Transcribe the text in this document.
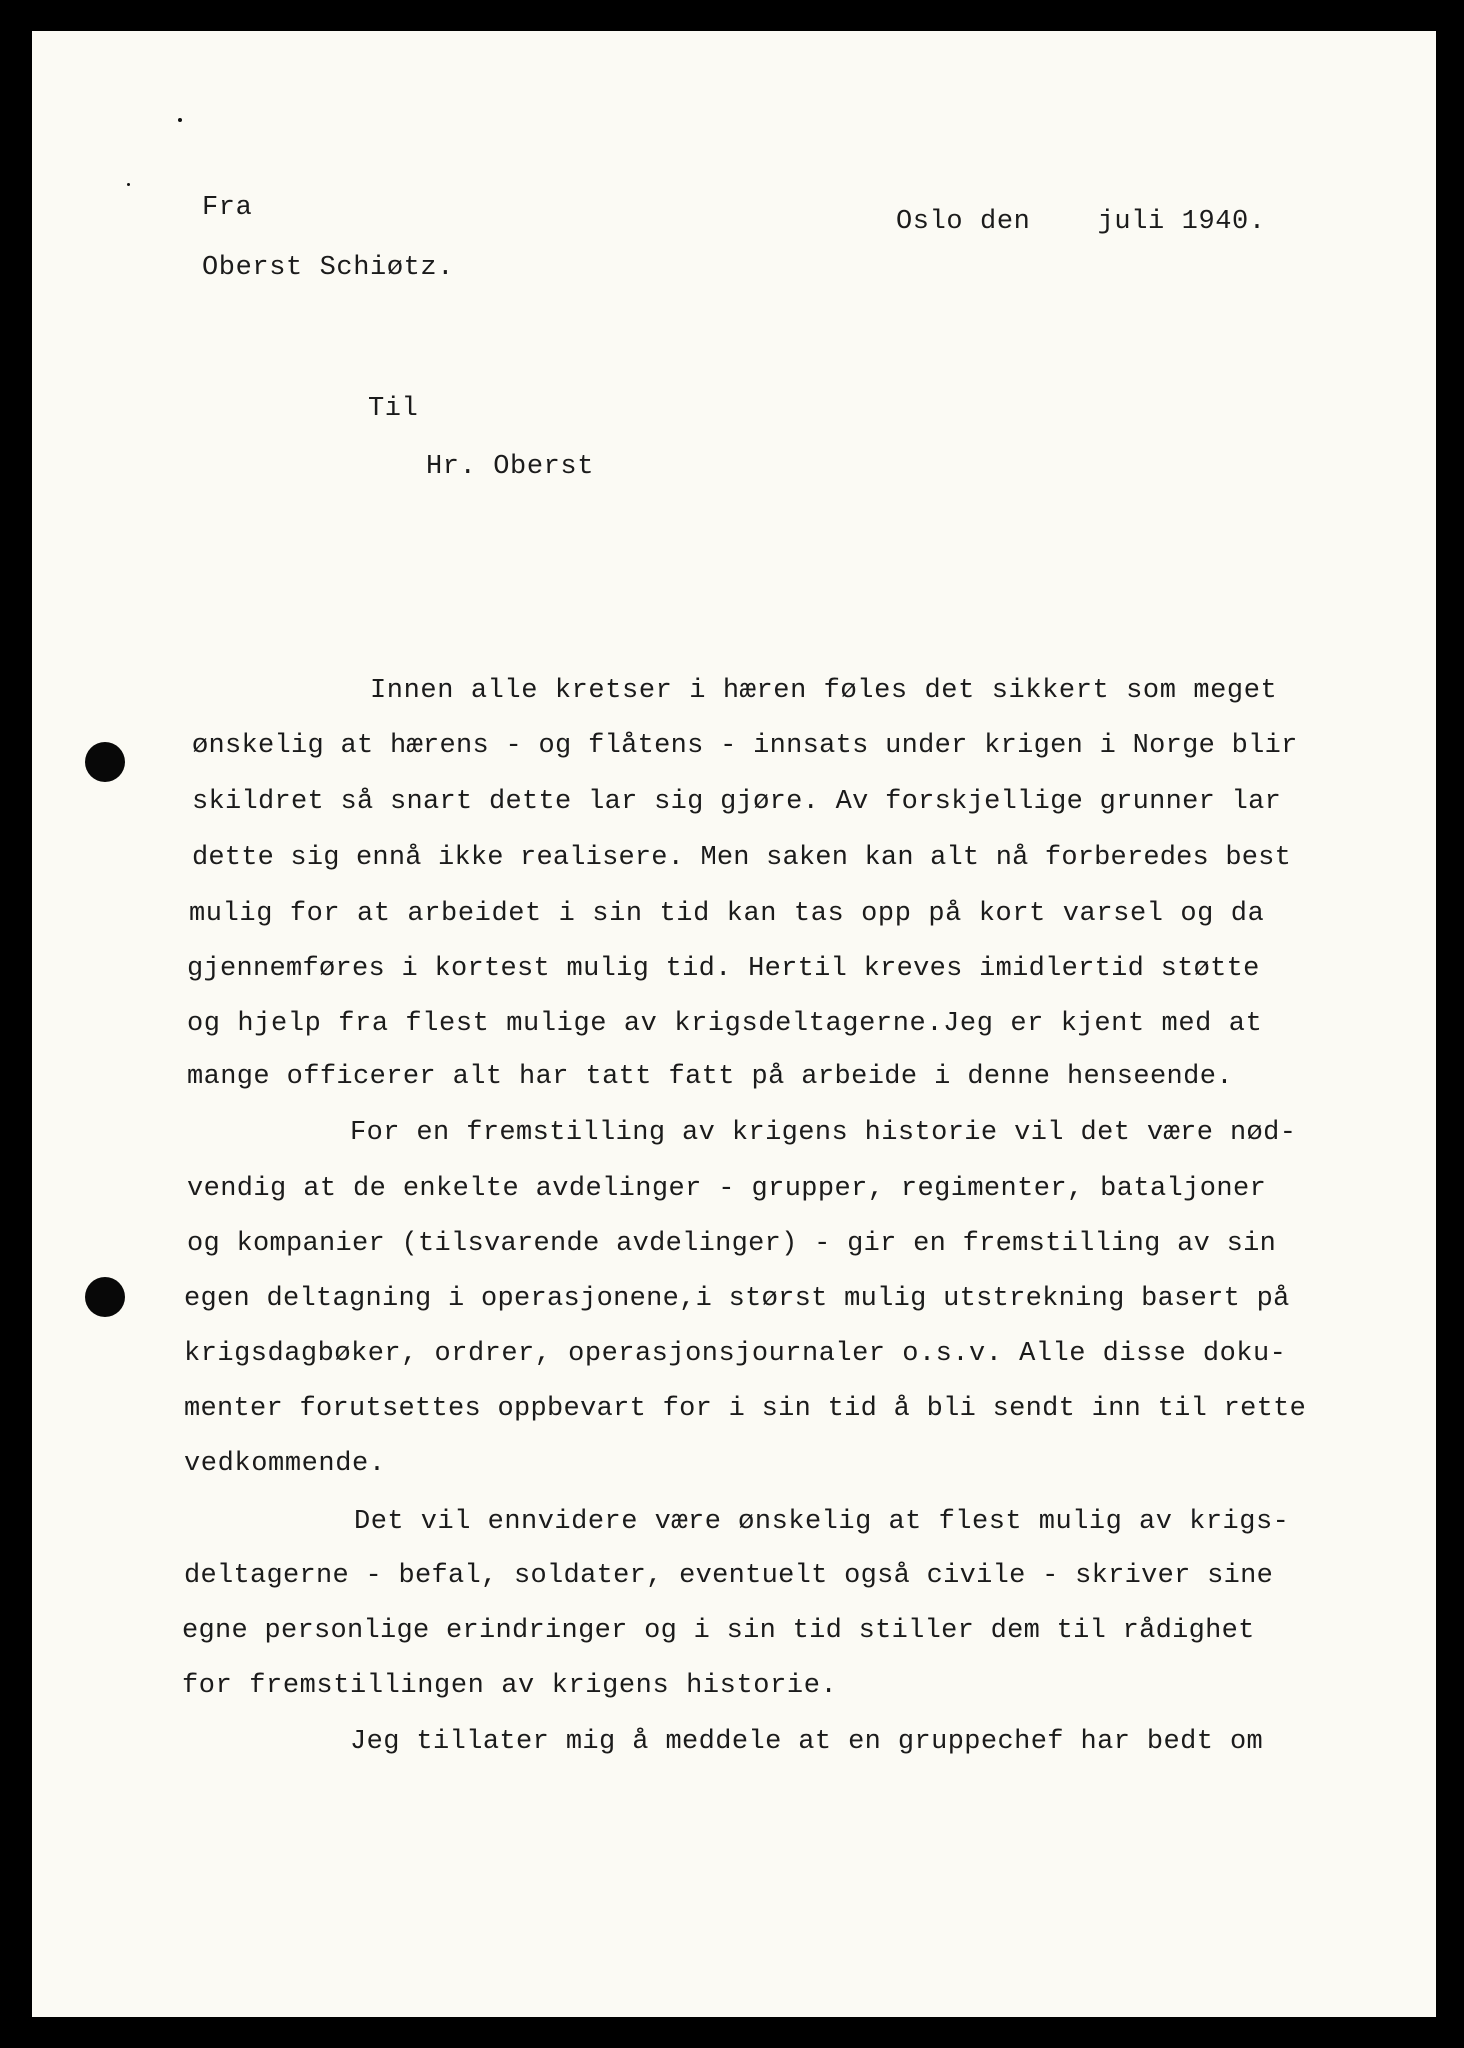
Fra	Oslo den    juli 1940.
Oberst Schiøtz.
Til
Hr. Oberst
Innen alle kretser i hæren føles det sikkert som meget
ønskelig at hærens - og flåtens - innsats under krigen i Norge blir
skildret så snart dette lar sig gjøre. Av forskjellige grunner lar
dette sig ennå ikke realisere. Men saken kan alt nå forberedes best
mulig for at arbeidet i sin tid kan tas opp på kort varsel og da
gjennemføres i kortest mulig tid. Hertil kreves imidlertid støtte
og hjelp fra flest mulige av krigsdeltagerne.Jeg er kjent med at
mange officerer alt har tatt fatt på arbeide i denne henseende.
For en fremstilling av krigens historie vil det være nød-
vendig at de enkelte avdelinger - grupper, regimenter, bataljoner
og kompanier (tilsvarende avdelinger) - gir en fremstilling av sin
egen deltagning i operasjonene,i størst mulig utstrekning basert på
krigsdagbøker, ordrer, operasjonsjournaler o.s.v. Alle disse doku-
menter forutsettes oppbevart for i sin tid å bli sendt inn til rette
vedkommende.
Det vil ennvidere være ønskelig at flest mulig av krigs-
deltagerne - befal, soldater, eventuelt også civile - skriver sine
egne personlige erindringer og i sin tid stiller dem til rådighet
for fremstillingen av krigens historie.
Jeg tillater mig å meddele at en gruppechef har bedt om
